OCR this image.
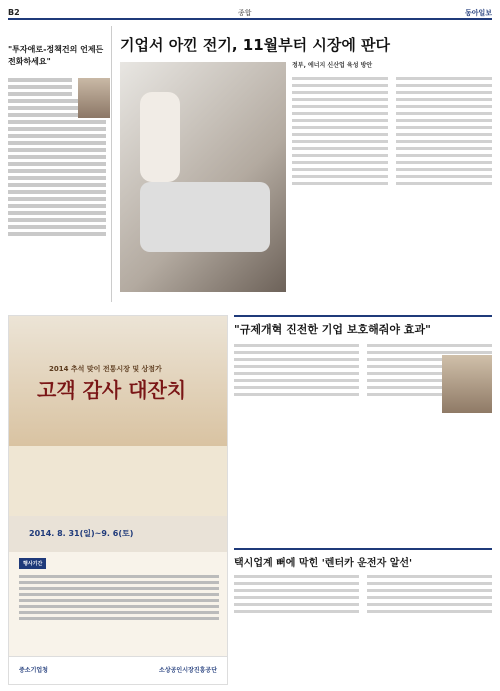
B2	종합	동아일보
"투자애로-정책건의 언제든 전화하세요"
기업서 아낀 전기, 11월부터 시장에 판다
정부, 에너지 신산업 육성 방안
2014 추석 맞이 전통시장 및 상점가
고객 감사 대잔치
2014. 8. 31(일)~9. 6(토)
행사기간
중소기업청	소상공인시장진흥공단
"규제개혁 진전한 기업 보호해줘야 효과"
택시업계 뻐에 막힌 '렌터카 운전자 알선'
